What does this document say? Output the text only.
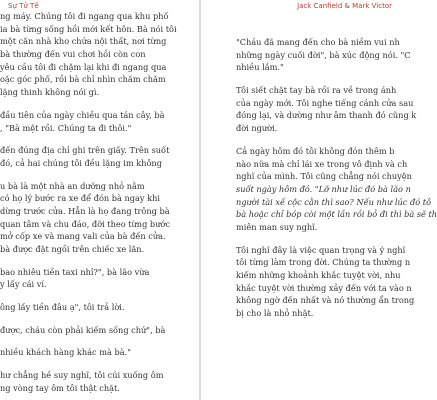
Sự Tử Tế
ng máy. Chúng tôi đi ngang qua khu phố
ia bà từng sống hồi mới kết hôn. Bà nói tôi
một căn nhà kho chứa nội thất, nơi từng
bà thường đến vui chơi hồi còn con
yêu cầu tôi đi chậm lại khi đi ngang qua
oặc góc phố, rồi bà chỉ nhìn chăm chăm
lặng thinh không nói gì.
đầu tiên của ngày chiều qua tán cây, bà
, "Bà mệt rồi. Chúng ta đi thôi."
đến đúng địa chỉ ghi trên giấy. Trên suốt
đó, cả hai chúng tôi đều lặng im không
u bà là một nhà an dưỡng nhỏ nằm
có họ lý bước ra xe để đón bà ngay khi
dừng trước cửa. Hẳn là họ đang trông bà
quan tâm và chu đáo, đỡi theo từng bước
mở cốp xe và mang vali của bà đến cửa.
bà được đặt ngồi trên chiếc xe lăn.
bao nhiêu tiền taxi nhỉ?", bà lão vừa
y lấy cái ví.
ông lấy tiền đâu ạ", tôi trả lời.
được, cháu còn phải kiếm sống chứ", bà
nhiều khách hàng khác mà bà."
hư chẳng hề suy nghĩ, tôi cúi xuống ôm
ng vòng tay ôm tôi thật chặt.
Jack Canfield & Mark Victor
"Cháu đã mang đến cho bà niềm vui nh
những ngày cuối đời", bà xúc động nói. "C
nhiều lắm."
Tôi siết chặt tay bà rồi ra về trong ánh
của ngày mới. Tôi nghe tiếng cánh cửa sau
đóng lại, và dường như âm thanh đó cũng k
đời người.
Cả ngày hôm đó tôi không đón thêm b
nào nữa mà chỉ lái xe trong vô định và ch
nghĩ của mình. Tôi cũng chẳng nói chuyện
suốt ngày hôm đó. "Lỡ như lúc đó bà lão n
người tài xế cộc cằn thì sao? Nếu như lúc đó tô
bà hoặc chỉ bóp còi một lần rồi bỏ đi thì bà sẽ th
miên man suy nghĩ.
Tôi nghĩ đây là việc quan trọng và ý nghĩ
tôi từng làm trong đời. Chúng ta thường n
kiếm những khoảnh khắc tuyệt vời, nhu
khắc tuyệt vời thường xảy đến với ta vào n
không ngờ đến nhất và nó thường ẩn trong
bị cho là nhỏ nhặt.
